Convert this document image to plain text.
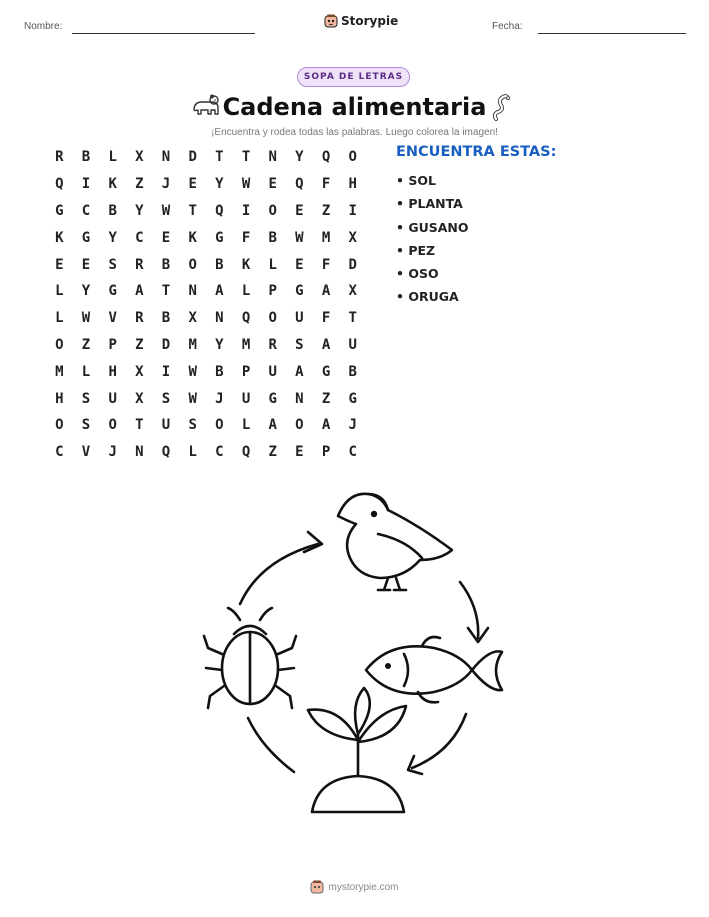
Nombre:	Storypie	Fecha:
SOPA DE LETRAS
Cadena alimentaria
¡Encuentra y rodea todas las palabras. Luego colorea la imagen!
R	B	L	X	N	D	T	T	N	Y	Q	O
Q	I	K	Z	J	E	Y	W	E	Q	F	H
G	C	B	Y	W	T	Q	I	O	E	Z	I
K	G	Y	C	E	K	G	F	B	W	M	X
E	E	S	R	B	O	B	K	L	E	F	D
L	Y	G	A	T	N	A	L	P	G	A	X
L	W	V	R	B	X	N	Q	O	U	F	T
O	Z	P	Z	D	M	Y	M	R	S	A	U
M	L	H	X	I	W	B	P	U	A	G	B
H	S	U	X	S	W	J	U	G	N	Z	G
O	S	O	T	U	S	O	L	A	O	A	J
C	V	J	N	Q	L	C	Q	Z	E	P	C
ENCUENTRA ESTAS:
• SOL
• PLANTA
• GUSANO
• PEZ
• OSO
• ORUGA
mystorypie.com
